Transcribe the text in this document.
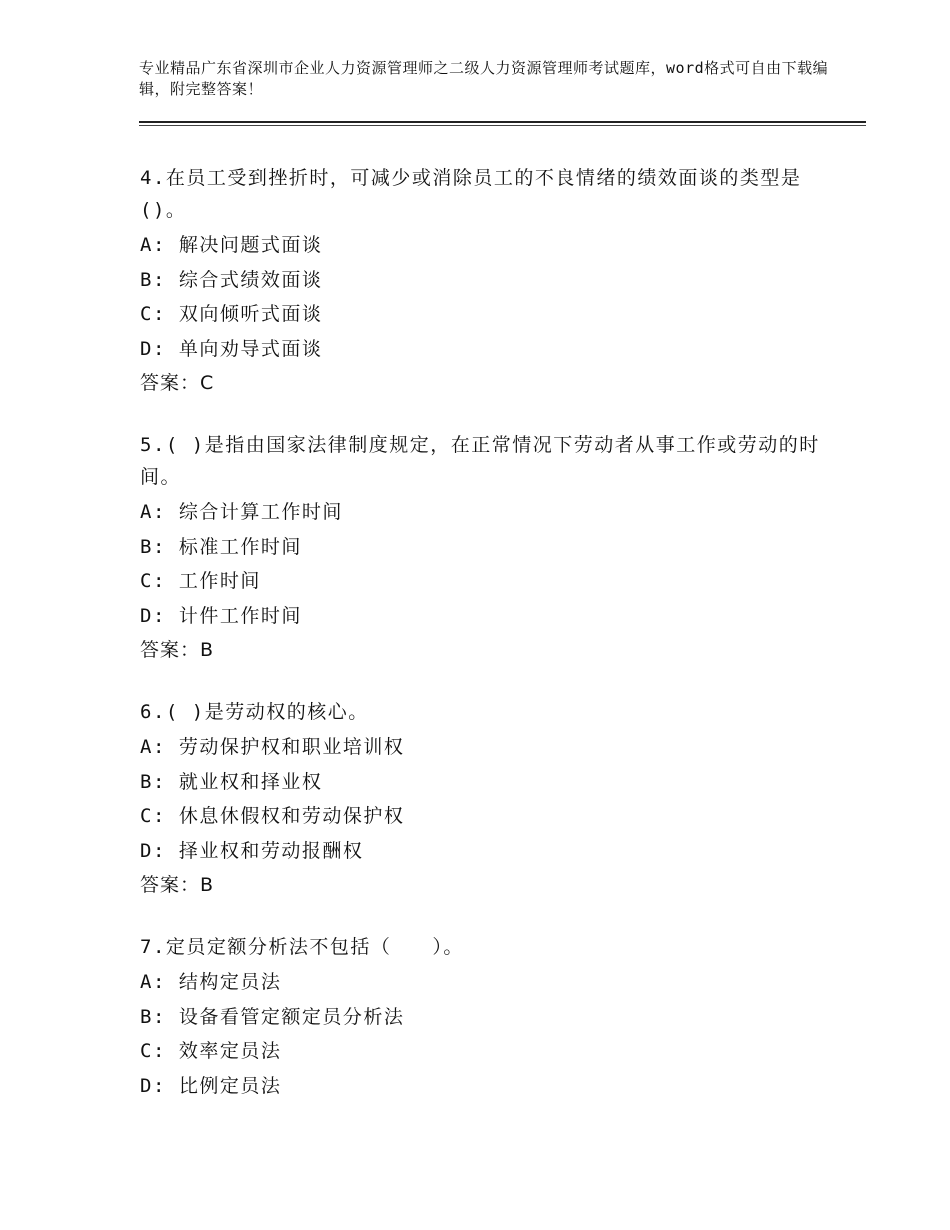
专业精品广东省深圳市企业人力资源管理师之二级人力资源管理师考试题库，word格式可自由下载编辑，附完整答案！
4.在员工受到挫折时，可减少或消除员工的不良情绪的绩效面谈的类型是()。
A: 解决问题式面谈
B: 综合式绩效面谈
C: 双向倾听式面谈
D: 单向劝导式面谈
答案：C
5.( )是指由国家法律制度规定，在正常情况下劳动者从事工作或劳动的时间。
A: 综合计算工作时间
B: 标准工作时间
C: 工作时间
D: 计件工作时间
答案：B
6.( )是劳动权的核心。
A: 劳动保护权和职业培训权
B: 就业权和择业权
C: 休息休假权和劳动保护权
D: 择业权和劳动报酬权
答案：B
7.定员定额分析法不包括（　　）。
A: 结构定员法
B: 设备看管定额定员分析法
C: 效率定员法
D: 比例定员法
